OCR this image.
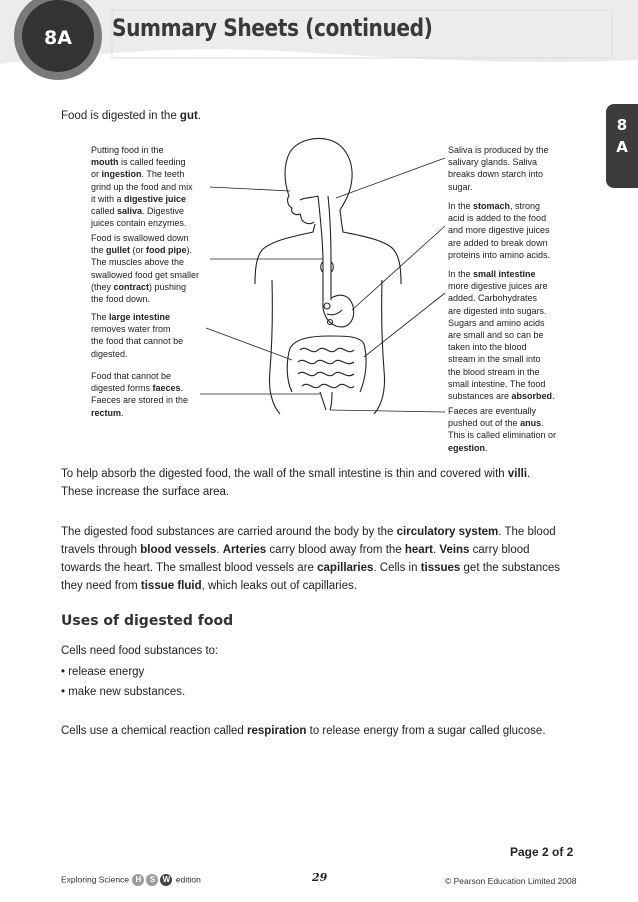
8A	Summary Sheets (continued)
8
A

Food is digested in the gut.

Putting food in the
mouth is called feeding
or ingestion. The teeth
grind up the food and mix
it with a digestive juice
called saliva. Digestive
juices contain enzymes.
Food is swallowed down
the gullet (or food pipe).
The muscles above the
swallowed food get smaller
(they contract) pushing
the food down.
The large intestine
removes water from
the food that cannot be
digested.
Food that cannot be
digested forms faeces.
Faeces are stored in the
rectum.
Saliva is produced by the
salivary glands. Saliva
breaks down starch into
sugar.
In the stomach, strong
acid is added to the food
and more digestive juices
are added to break down
proteins into amino acids.
In the small intestine
more digestive juices are
added. Carbohydrates
are digested into sugars.
Sugars and amino acids
are small and so can be
taken into the blood
stream in the small into
the blood stream in the
small intestine. The food
substances are absorbed.
Faeces are eventually
pushed out of the anus.
This is called elimination or
egestion.
To help absorb the digested food, the wall of the small intestine is thin and covered with villi.
These increase the surface area.
The digested food substances are carried around the body by the circulatory system. The blood
travels through blood vessels. Arteries carry blood away from the heart. Veins carry blood
towards the heart. The smallest blood vessels are capillaries. Cells in tissues get the substances
they need from tissue fluid, which leaks out of capillaries.
Uses of digested food
Cells need food substances to:
• release energy
• make new substances.
Cells use a chemical reaction called respiration to release energy from a sugar called glucose.
Page 2 of 2
Exploring Science H S W edition	29	© Pearson Education Limited 2008
